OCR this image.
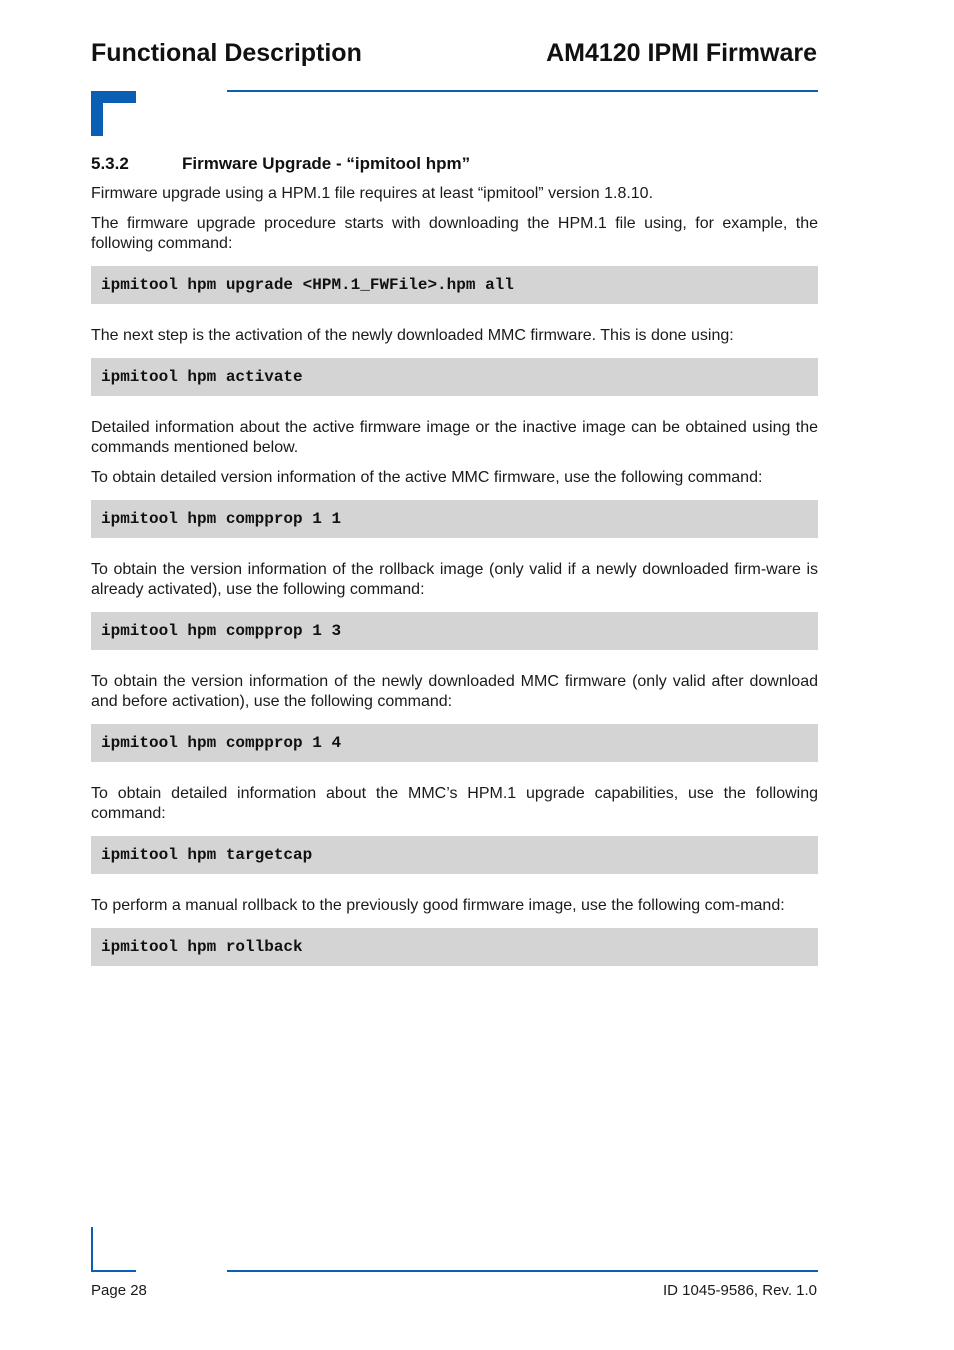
Functional Description	AM4120 IPMI Firmware
5.3.2	Firmware Upgrade - “ipmitool hpm”

Firmware upgrade using a HPM.1 file requires at least “ipmitool” version 1.8.10.

The firmware upgrade procedure starts with downloading the HPM.1 file using, for example, the following command:

ipmitool hpm upgrade <HPM.1_FWFile>.hpm all

The next step is the activation of the newly downloaded MMC firmware. This is done using:

ipmitool hpm activate

Detailed information about the active firmware image or the inactive image can be obtained using the commands mentioned below.

To obtain detailed version information of the active MMC firmware, use the following command:

ipmitool hpm compprop 1 1

To obtain the version information of the rollback image (only valid if a newly downloaded firm-ware is already activated), use the following command:

ipmitool hpm compprop 1 3

To obtain the version information of the newly downloaded MMC firmware (only valid after download and before activation), use the following command:

ipmitool hpm compprop 1 4

To obtain detailed information about the MMC’s HPM.1 upgrade capabilities, use the following command:

ipmitool hpm targetcap

To perform a manual rollback to the previously good firmware image, use the following com-mand:

ipmitool hpm rollback
Page 28	ID 1045-9586, Rev. 1.0
